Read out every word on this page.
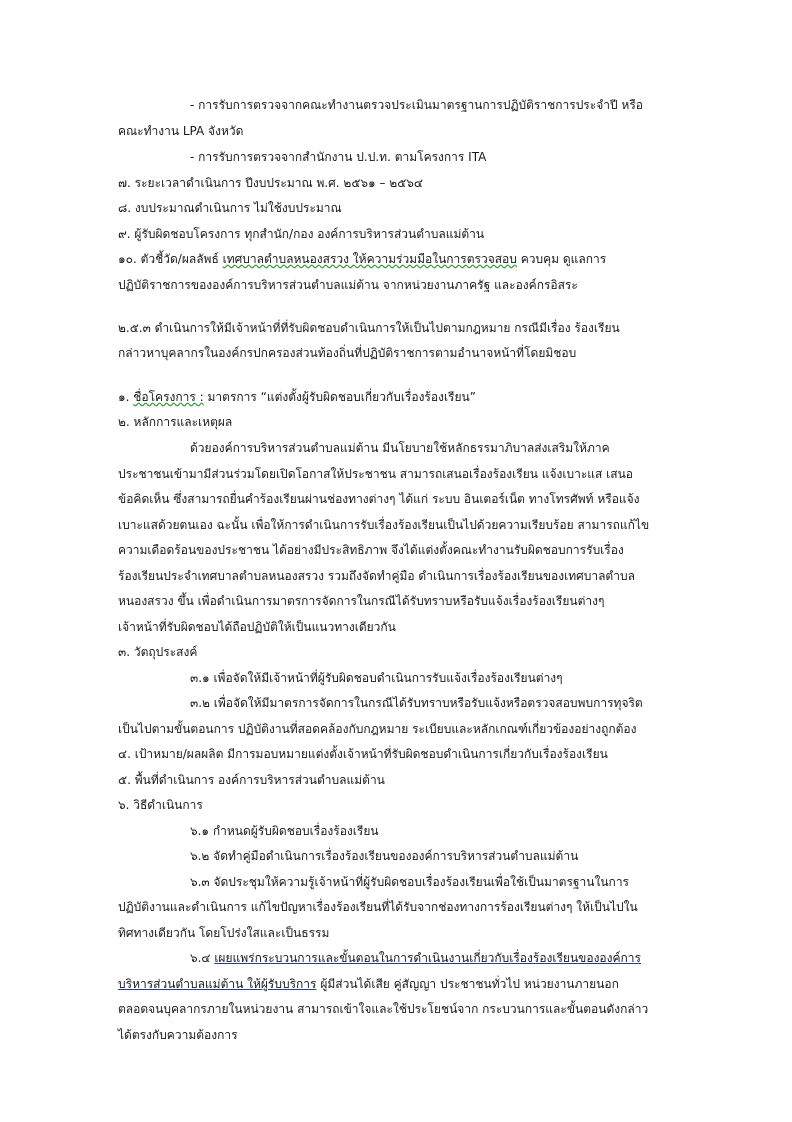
- การรับการตรวจจากคณะทำงานตรวจประเมินมาตรฐานการปฏิบัติราชการประจำปี หรือ
คณะทำงาน LPA จังหวัด
- การรับการตรวจจากสำนักงาน ป.ป.ท. ตามโครงการ ITA
๗. ระยะเวลาดำเนินการ ปีงบประมาณ พ.ศ. ๒๕๖๑ – ๒๕๖๔
๘. งบประมาณดำเนินการ ไม่ใช้งบประมาณ
๙. ผู้รับผิดชอบโครงการ ทุกสำนัก/กอง องค์การบริหารส่วนตำบลแม่ต้าน
๑๐. ตัวชี้วัด/ผลลัพธ์ เทศบาลตำบลหนองสรวง ให้ความร่วมมือในการตรวจสอบ ควบคุม ดูแลการ
ปฏิบัติราชการขององค์การบริหารส่วนตำบลแม่ต้าน จากหน่วยงานภาครัฐ และองค์กรอิสระ
๒.๕.๓ ดำเนินการให้มีเจ้าหน้าที่ที่รับผิดชอบดำเนินการให้เป็นไปตามกฎหมาย กรณีมีเรื่อง ร้องเรียน
กล่าวหาบุคลากรในองค์กรปกครองส่วนท้องถิ่นที่ปฏิบัติราชการตามอำนาจหน้าที่โดยมิชอบ
๑. ชื่อโครงการ : มาตรการ “แต่งตั้งผู้รับผิดชอบเกี่ยวกับเรื่องร้องเรียน”
๒. หลักการและเหตุผล
ด้วยองค์การบริหารส่วนตำบลแม่ต้าน มีนโยบายใช้หลักธรรมาภิบาลส่งเสริมให้ภาค
ประชาชนเข้ามามีส่วนร่วมโดยเปิดโอกาสให้ประชาชน สามารถเสนอเรื่องร้องเรียน แจ้งเบาะแส เสนอ
ข้อคิดเห็น ซึ่งสามารถยื่นคำร้องเรียนผ่านช่องทางต่างๆ ได้แก่ ระบบ อินเตอร์เน็ต ทางโทรศัพท์ หรือแจ้ง
เบาะแสด้วยตนเอง ฉะนั้น เพื่อให้การดำเนินการรับเรื่องร้องเรียนเป็นไปด้วยความเรียบร้อย สามารถแก้ไข
ความเดือดร้อนของประชาชน ได้อย่างมีประสิทธิภาพ จึงได้แต่งตั้งคณะทำงานรับผิดชอบการรับเรื่อง
ร้องเรียนประจำเทศบาลตำบลหนองสรวง รวมถึงจัดทำคู่มือ ดำเนินการเรื่องร้องเรียนของเทศบาลตำบล
หนองสรวง ขึ้น เพื่อดำเนินการมาตรการจัดการในกรณีได้รับทราบหรือรับแจ้งเรื่องร้องเรียนต่างๆ
เจ้าหน้าที่รับผิดชอบได้ถือปฏิบัติให้เป็นแนวทางเดียวกัน
๓. วัตถุประสงค์
๓.๑ เพื่อจัดให้มีเจ้าหน้าที่ผู้รับผิดชอบดำเนินการรับแจ้งเรื่องร้องเรียนต่างๆ
๓.๒ เพื่อจัดให้มีมาตรการจัดการในกรณีได้รับทราบหรือรับแจ้งหรือตรวจสอบพบการทุจริต
เป็นไปตามขั้นตอนการ ปฏิบัติงานที่สอดคล้องกับกฎหมาย ระเบียบและหลักเกณฑ์เกี่ยวข้องอย่างถูกต้อง
๔. เป้าหมาย/ผลผลิต มีการมอบหมายแต่งตั้งเจ้าหน้าที่รับผิดชอบดำเนินการเกี่ยวกับเรื่องร้องเรียน
๕. พื้นที่ดำเนินการ องค์การบริหารส่วนตำบลแม่ต้าน
๖. วิธีดำเนินการ
๖.๑ กำหนดผู้รับผิดชอบเรื่องร้องเรียน
๖.๒ จัดทำคู่มือดำเนินการเรื่องร้องเรียนขององค์การบริหารส่วนตำบลแม่ต้าน
๖.๓ จัดประชุมให้ความรู้เจ้าหน้าที่ผู้รับผิดชอบเรื่องร้องเรียนเพื่อใช้เป็นมาตรฐานในการ
ปฏิบัติงานและดำเนินการ แก้ไขปัญหาเรื่องร้องเรียนที่ได้รับจากช่องทางการร้องเรียนต่างๆ ให้เป็นไปใน
ทิศทางเดียวกัน โดยโปร่งใสและเป็นธรรม
๖.๔ เผยแพร่กระบวนการและขั้นตอนในการดำเนินงานเกี่ยวกับเรื่องร้องเรียนขององค์การ
บริหารส่วนตำบลแม่ต้าน ให้ผู้รับบริการ ผู้มีส่วนได้เสีย คู่สัญญา ประชาชนทั่วไป หน่วยงานภายนอก
ตลอดจนบุคลากรภายในหน่วยงาน สามารถเข้าใจและใช้ประโยชน์จาก กระบวนการและขั้นตอนดังกล่าว
ได้ตรงกับความต้องการ
